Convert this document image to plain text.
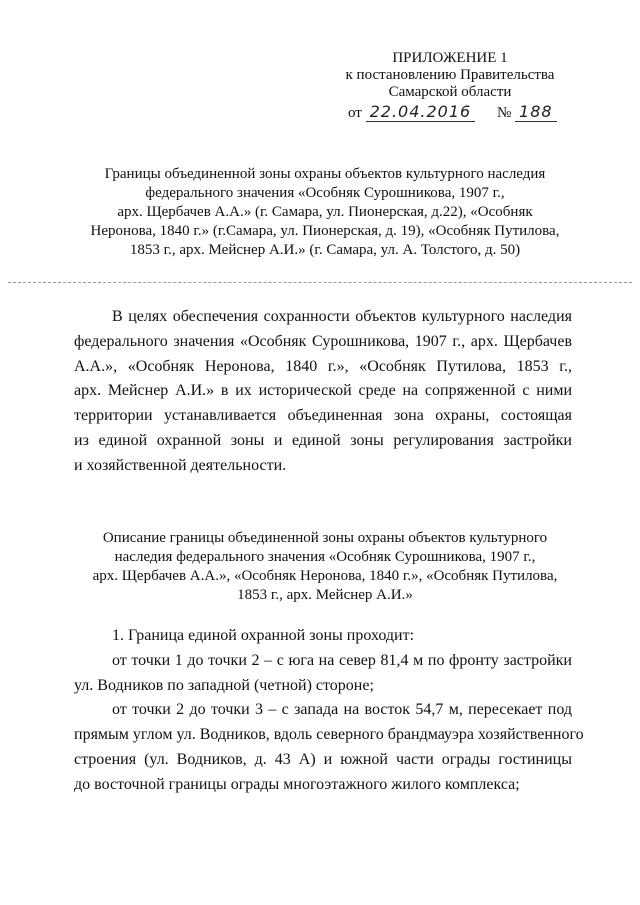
ПРИЛОЖЕНИЕ 1
к постановлению Правительства
Самарской области
от 22.04.2016 № 188
Границы объединенной зоны охраны объектов культурного наследия
федерального значения «Особняк Сурошникова, 1907 г.,
арх. Щербачев А.А.» (г. Самара, ул. Пионерская, д.22), «Особняк
Неронова, 1840 г.» (г.Самара, ул. Пионерская, д. 19), «Особняк Путилова,
1853 г., арх. Мейснер А.И.» (г. Самара, ул. А. Толстого, д. 50)
В целях обеспечения сохранности объектов культурного наследия
федерального значения «Особняк Сурошникова, 1907 г., арх. Щербачев
А.А.», «Особняк Неронова, 1840 г.», «Особняк Путилова, 1853 г.,
арх. Мейснер А.И.» в их исторической среде на сопряженной с ними
территории устанавливается объединенная зона охраны, состоящая
из единой охранной зоны и единой зоны регулирования застройки
и хозяйственной деятельности.
Описание границы объединенной зоны охраны объектов культурного
наследия федерального значения «Особняк Сурошникова, 1907 г.,
арх. Щербачев А.А.», «Особняк Неронова, 1840 г.», «Особняк Путилова,
1853 г., арх. Мейснер А.И.»
1. Граница единой охранной зоны проходит:
от точки 1 до точки 2 – с юга на север 81,4 м по фронту застройки
ул. Водников по западной (четной) стороне;
от точки 2 до точки 3 – с запада на восток 54,7 м, пересекает под
прямым углом ул. Водников, вдоль северного брандмауэра хозяйственного
строения (ул. Водников, д. 43 А) и южной части ограды гостиницы
до восточной границы ограды многоэтажного жилого комплекса;
